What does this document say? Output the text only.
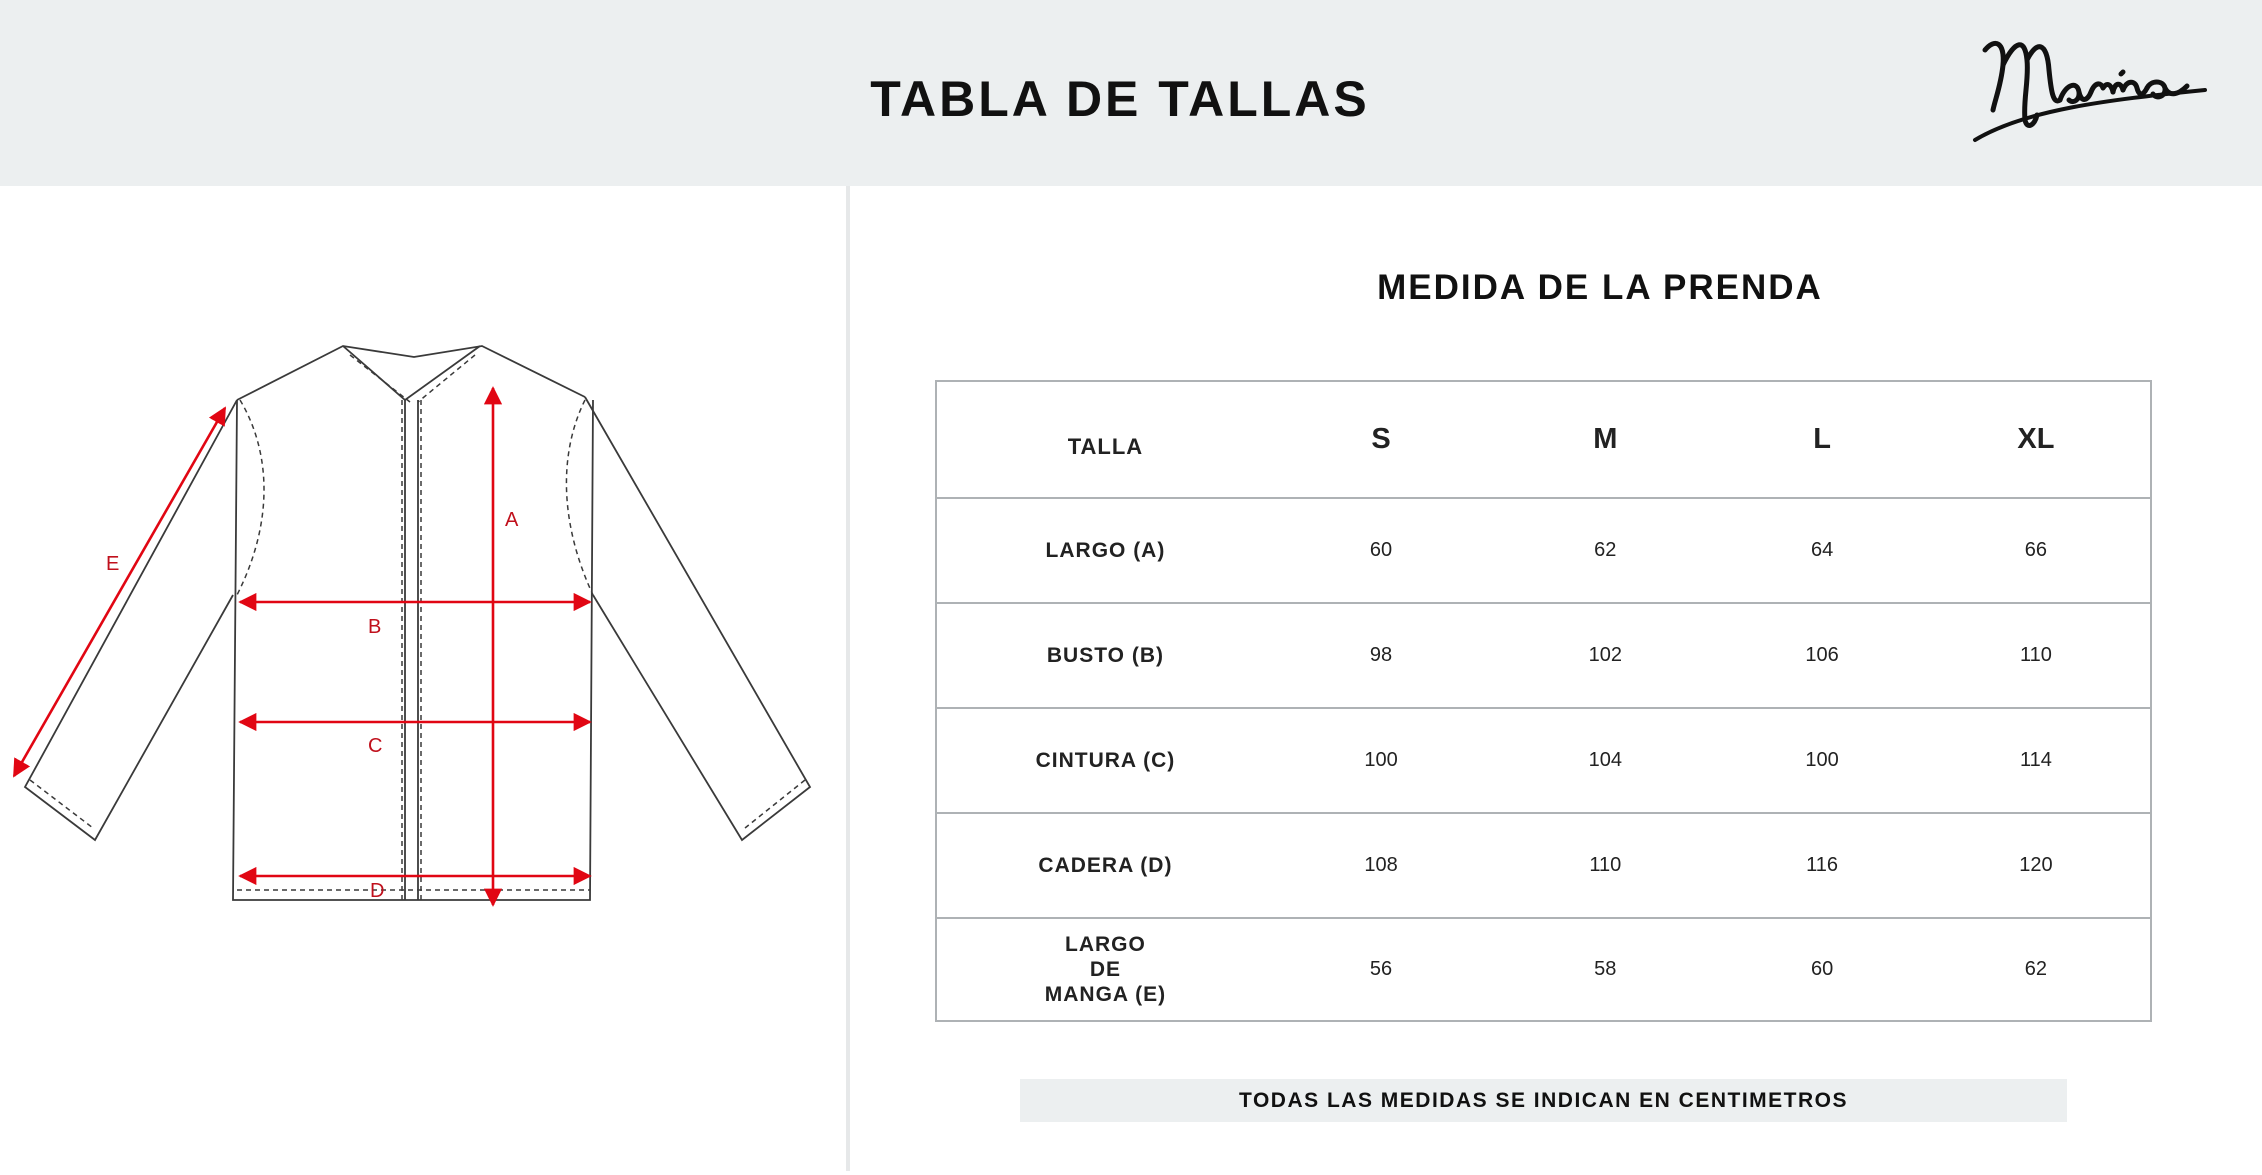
TABLA DE TALLAS
A
B
C
D
E
MEDIDA DE LA PRENDA
TALLA	S	M	L	XL
LARGO (A)	60	62	64	66
BUSTO (B)	98	102	106	110
CINTURA (C)	100	104	100	114
CADERA (D)	108	110	116	120
LARGO
DE
MANGA (E)
56	58	60	62
TODAS LAS MEDIDAS SE INDICAN EN CENTIMETROS
